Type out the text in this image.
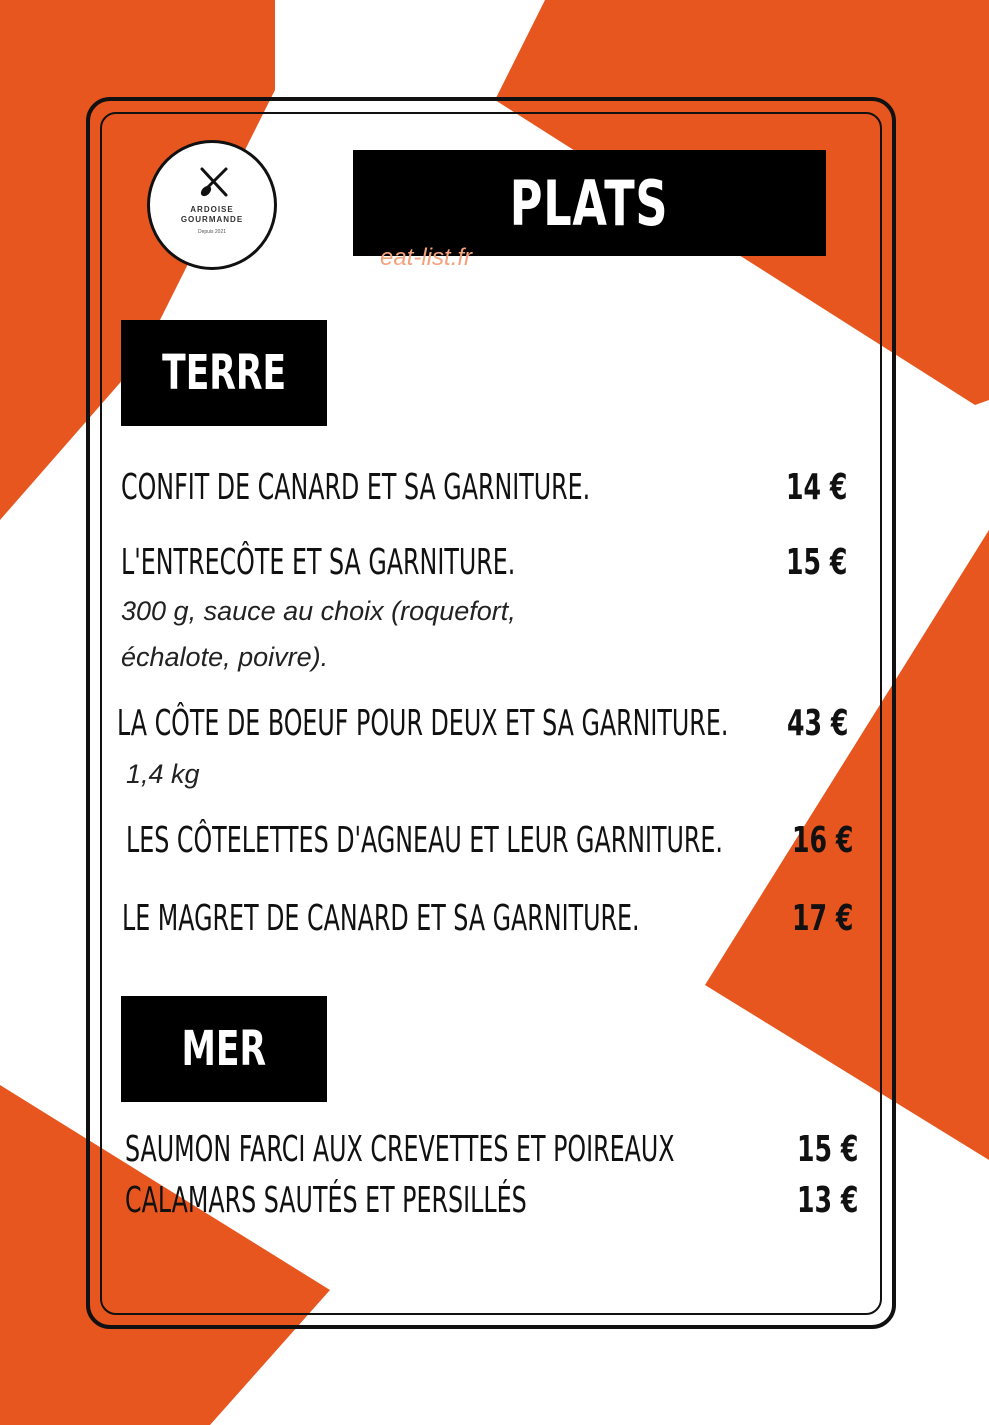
ARDOISE
GOURMANDE
Depuis 2021	PLATS
eat-list.fr
TERRE
CONFIT DE CANARD ET SA GARNITURE.	14 €
L'ENTRECÔTE ET SA GARNITURE.	15 €
300 g, sauce au choix (roquefort,
échalote, poivre).
LA CÔTE DE BOEUF POUR DEUX ET SA GARNITURE. 43 €
1,4 kg
LES CÔTELETTES D'AGNEAU ET LEUR GARNITURE. 16 €
LE MAGRET DE CANARD ET SA GARNITURE.	17 €
MER
SAUMON FARCI AUX CREVETTES ET POIREAUX	15 €
CALAMARS SAUTÉS ET PERSILLÉS	13 €
